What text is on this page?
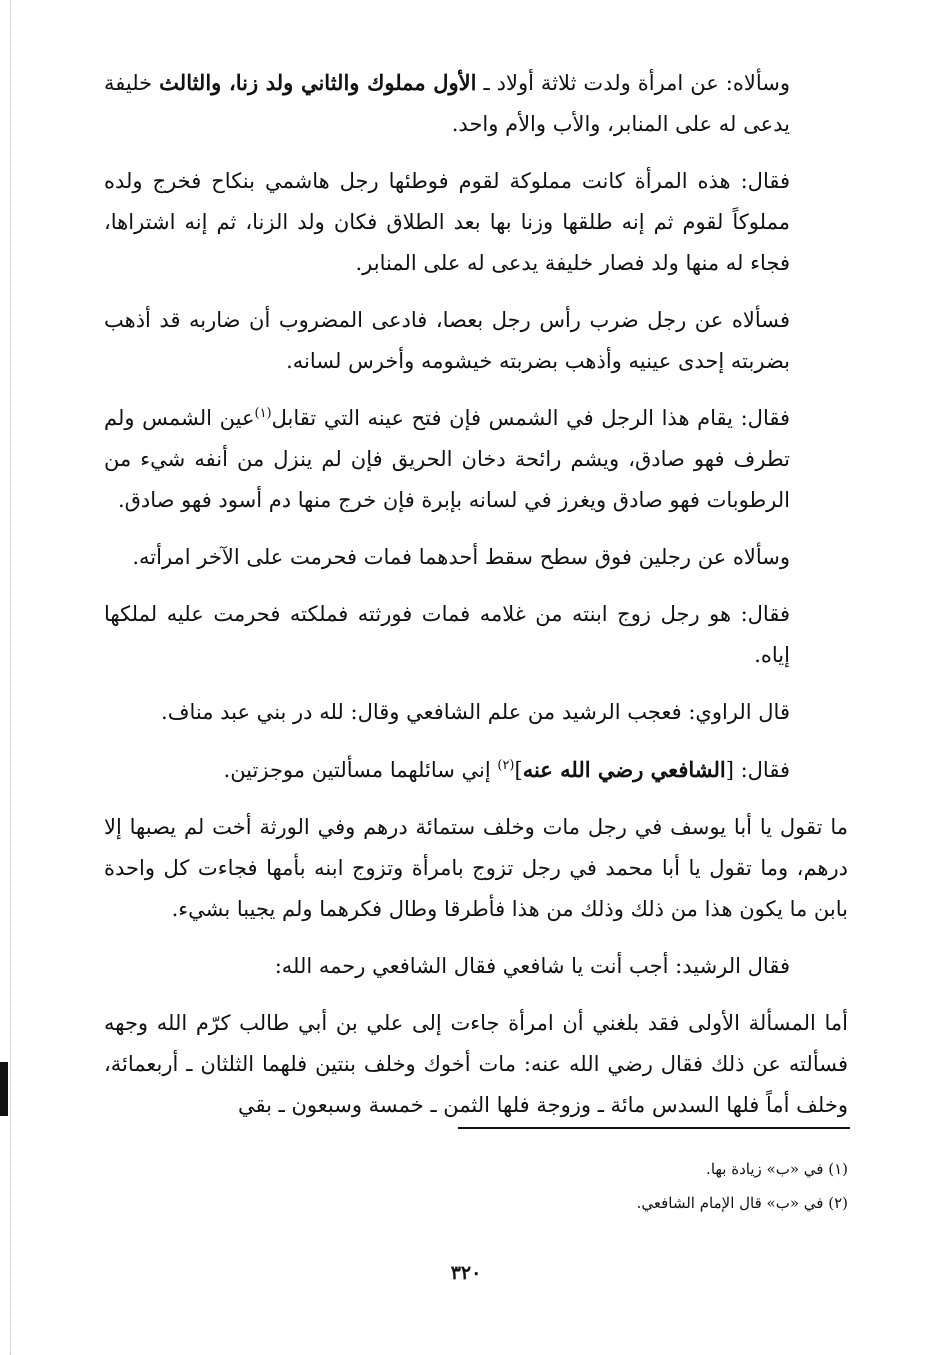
وسألاه: عن امرأة ولدت ثلاثة أولاد ـ الأول مملوك والثاني ولد زنا، والثالث خليفة يدعى له على المنابر، والأب والأم واحد.

فقال: هذه المرأة كانت مملوكة لقوم فوطئها رجل هاشمي بنكاح فخرج ولده مملوكاً لقوم ثم إنه طلقها وزنا بها بعد الطلاق فكان ولد الزنا، ثم إنه اشتراها، فجاء له منها ولد فصار خليفة يدعى له على المنابر.

فسألاه عن رجل ضرب رأس رجل بعصا، فادعى المضروب أن ضاربه قد أذهب بضربته إحدى عينيه وأذهب بضربته خيشومه وأخرس لسانه.

فقال: يقام هذا الرجل في الشمس فإن فتح عينه التي تقابل$^{(١)}$عين الشمس ولم تطرف فهو صادق، ويشم رائحة دخان الحريق فإن لم ينزل من أنفه شيء من الرطوبات فهو صادق ويغرز في لسانه بإبرة فإن خرج منها دم أسود فهو صادق.

وسألاه عن رجلين فوق سطح سقط أحدهما فمات فحرمت على الآخر امرأته.

فقال: هو رجل زوج ابنته من غلامه فمات فورثته فملكته فحرمت عليه لملكها إياه.

قال الراوي: فعجب الرشيد من علم الشافعي وقال: لله در بني عبد مناف.

فقال: [الشافعي رضي الله عنه]$^{(٢)}$ إني سائلهما مسألتين موجزتين.

ما تقول يا أبا يوسف في رجل مات وخلف ستمائة درهم وفي الورثة أخت لم يصبها إلا درهم، وما تقول يا أبا محمد في رجل تزوج بامرأة وتزوج ابنه بأمها فجاءت كل واحدة بابن ما يكون هذا من ذلك وذلك من هذا فأطرقا وطال فكرهما ولم يجيبا بشيء.

فقال الرشيد: أجب أنت يا شافعي فقال الشافعي رحمه الله:

أما المسألة الأولى فقد بلغني أن امرأة جاءت إلى علي بن أبي طالب كرّم الله وجهه فسألته عن ذلك فقال رضي الله عنه: مات أخوك وخلف بنتين فلهما الثلثان ـ أربعمائة، وخلف أماً فلها السدس مائة ـ وزوجة فلها الثمن ـ خمسة وسبعون ـ بقي

(١) في «ب» زيادة بها.

(٢) في «ب» قال الإمام الشافعي.

٣٢٠
